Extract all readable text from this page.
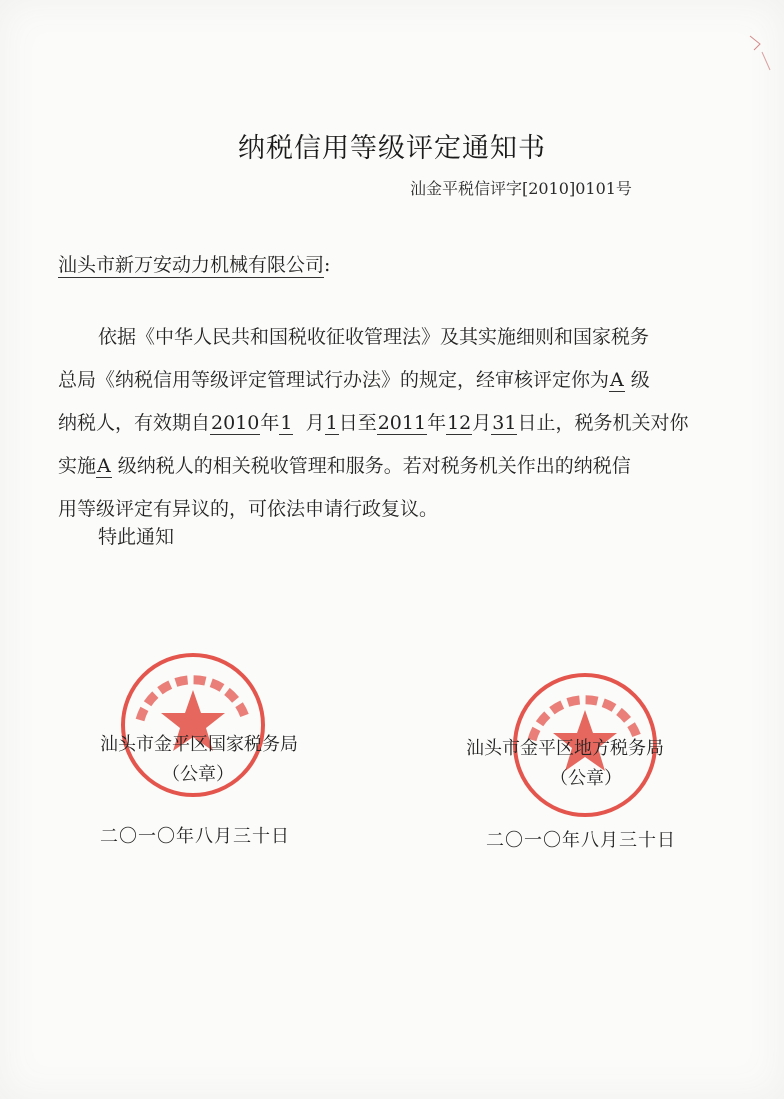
纳税信用等级评定通知书
汕金平税信评字[2010]0101号
汕头市新万安动力机械有限公司:
依据《中华人民共和国税收征收管理法》及其实施细则和国家税务
总局《纳税信用等级评定管理试行办法》的规定，经审核评定你为A 级
纳税人，有效期自2010年1 月1日至2011年12月31日止，税务机关对你
实施A 级纳税人的相关税收管理和服务。若对税务机关作出的纳税信
用等级评定有异议的，可依法申请行政复议。
特此通知
汕头市金平区国家税务局
（公章）
二〇一〇年八月三十日
汕头市金平区地方税务局
（公章）
二〇一〇年八月三十日
